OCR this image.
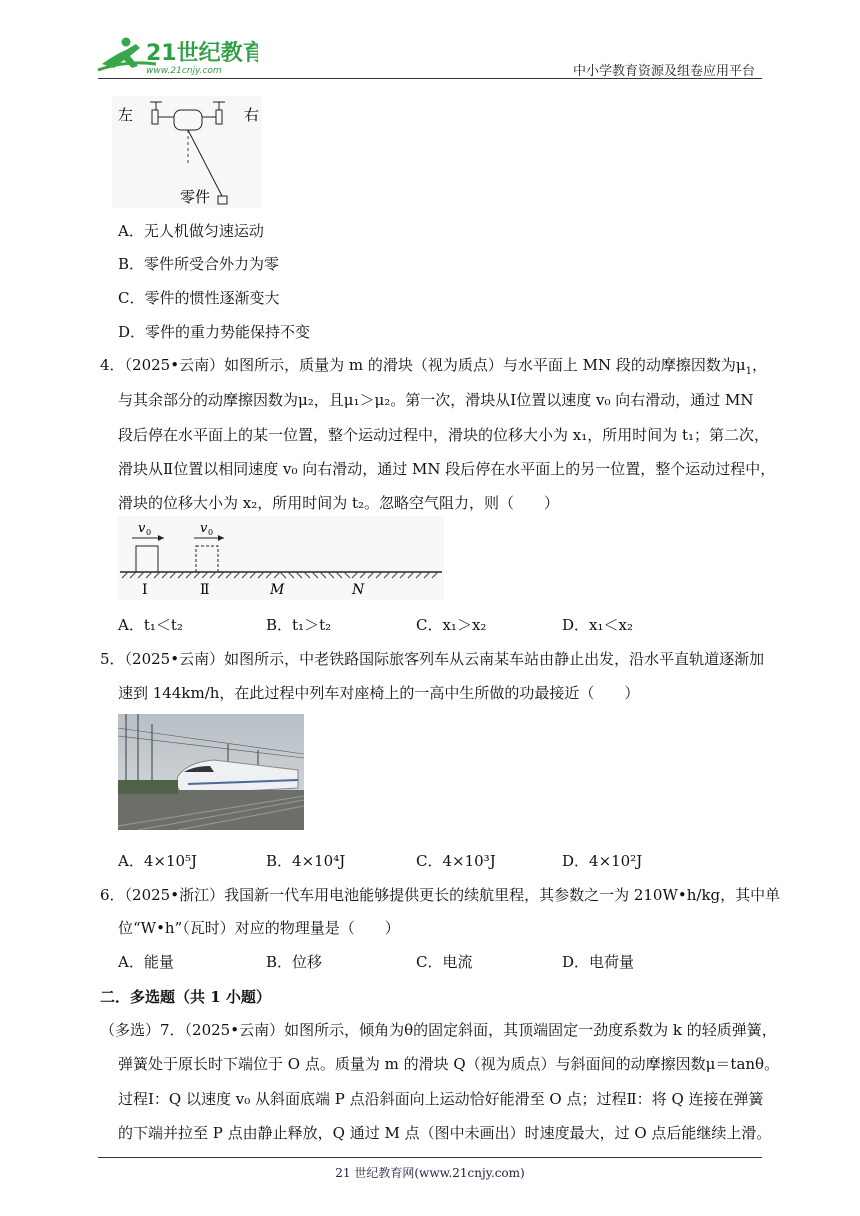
21世纪教育
www.21cnjy.com	中小学教育资源及组卷应用平台
左	右
零件
A．无人机做匀速运动
B．零件所受合外力为零
C．零件的惯性逐渐变大
D．零件的重力势能保持不变
4．（2025•云南）如图所示，质量为 m 的滑块（视为质点）与水平面上 MN 段的动摩擦因数为$\mu_1$，
与其余部分的动摩擦因数为μ₂，且μ₁＞μ₂。第一次，滑块从Ⅰ位置以速度 v₀ 向右滑动，通过 MN
段后停在水平面上的某一位置，整个运动过程中，滑块的位移大小为 x₁，所用时间为 t₁；第二次，
滑块从Ⅱ位置以相同速度 v₀ 向右滑动，通过 MN 段后停在水平面上的另一位置，整个运动过程中，
滑块的位移大小为 x₂，所用时间为 t₂。忽略空气阻力，则（　　）
v 0	v 0
Ⅰ	Ⅱ	M	N
A．t₁＜t₂	B．t₁＞t₂	C．x₁＞x₂	D．x₁＜x₂
5．（2025•云南）如图所示，中老铁路国际旅客列车从云南某车站由静止出发，沿水平直轨道逐渐加
速到 144km/h，在此过程中列车对座椅上的一高中生所做的功最接近（　　）
A．4×10⁵J	B．4×10⁴J	C．4×10³J	D．4×10²J
6．（2025•浙江）我国新一代车用电池能够提供更长的续航里程，其参数之一为 210W•h/kg，其中单
位“W•h”（瓦时）对应的物理量是（　　）
A．能量	B．位移	C．电流	D．电荷量
二．多选题（共 1 小题）
（多选）7．（2025•云南）如图所示，倾角为θ的固定斜面，其顶端固定一劲度系数为 k 的轻质弹簧，
弹簧处于原长时下端位于 O 点。质量为 m 的滑块 Q（视为质点）与斜面间的动摩擦因数μ＝tanθ。
过程Ⅰ：Q 以速度 v₀ 从斜面底端 P 点沿斜面向上运动恰好能滑至 O 点；过程Ⅱ：将 Q 连接在弹簧
的下端并拉至 P 点由静止释放，Q 通过 M 点（图中未画出）时速度最大，过 O 点后能继续上滑。
21 世纪教育网(www.21cnjy.com)
